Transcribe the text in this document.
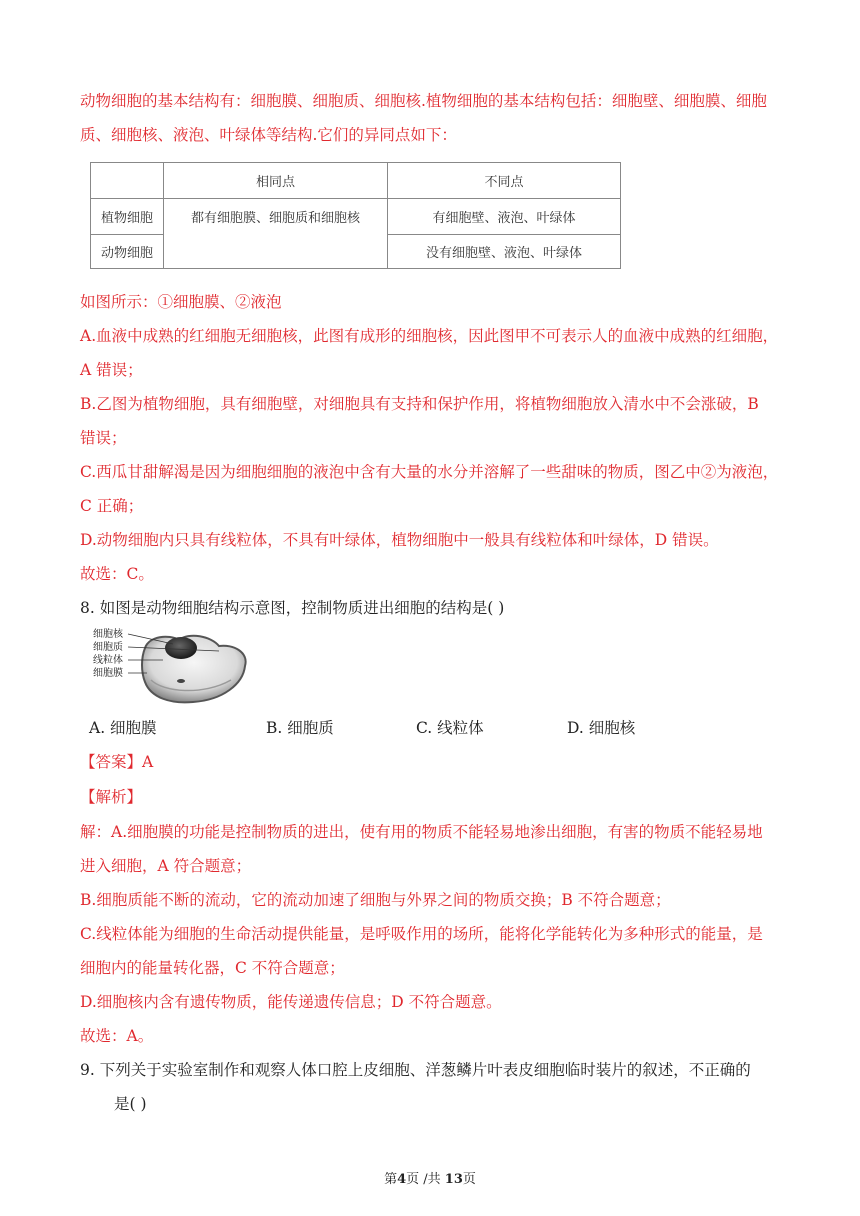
动物细胞的基本结构有：细胞膜、细胞质、细胞核.植物细胞的基本结构包括：细胞壁、细胞膜、细胞
质、细胞核、液泡、叶绿体等结构.它们的异同点如下：
	相同点	不同点
植物细胞	都有细胞膜、细胞质和细胞核	有细胞壁、液泡、叶绿体
动物细胞		没有细胞壁、液泡、叶绿体
如图所示：①细胞膜、②液泡
A.血液中成熟的红细胞无细胞核，此图有成形的细胞核，因此图甲不可表示人的血液中成熟的红细胞，
A 错误；
B.乙图为植物细胞，具有细胞壁，对细胞具有支持和保护作用，将植物细胞放入清水中不会涨破，B
错误；
C.西瓜甘甜解渴是因为细胞细胞的液泡中含有大量的水分并溶解了一些甜味的物质，图乙中②为液泡，
C 正确；
D.动物细胞内只具有线粒体，不具有叶绿体，植物细胞中一般具有线粒体和叶绿体，D 错误。
故选：C。
8. 如图是动物细胞结构示意图，控制物质进出细胞的结构是( )
细胞核
细胞质
线粒体
细胞膜
A. 细胞膜	B. 细胞质	C. 线粒体	D. 细胞核
【答案】A
【解析】
解：A.细胞膜的功能是控制物质的进出，使有用的物质不能轻易地渗出细胞，有害的物质不能轻易地
进入细胞，A 符合题意；
B.细胞质能不断的流动，它的流动加速了细胞与外界之间的物质交换；B 不符合题意；
C.线粒体能为细胞的生命活动提供能量，是呼吸作用的场所，能将化学能转化为多种形式的能量，是
细胞内的能量转化器，C 不符合题意；
D.细胞核内含有遗传物质，能传递遗传信息；D 不符合题意。
故选：A。
9. 下列关于实验室制作和观察人体口腔上皮细胞、洋葱鳞片叶表皮细胞临时装片的叙述，不正确的
是( )
第4页 /共 13页
